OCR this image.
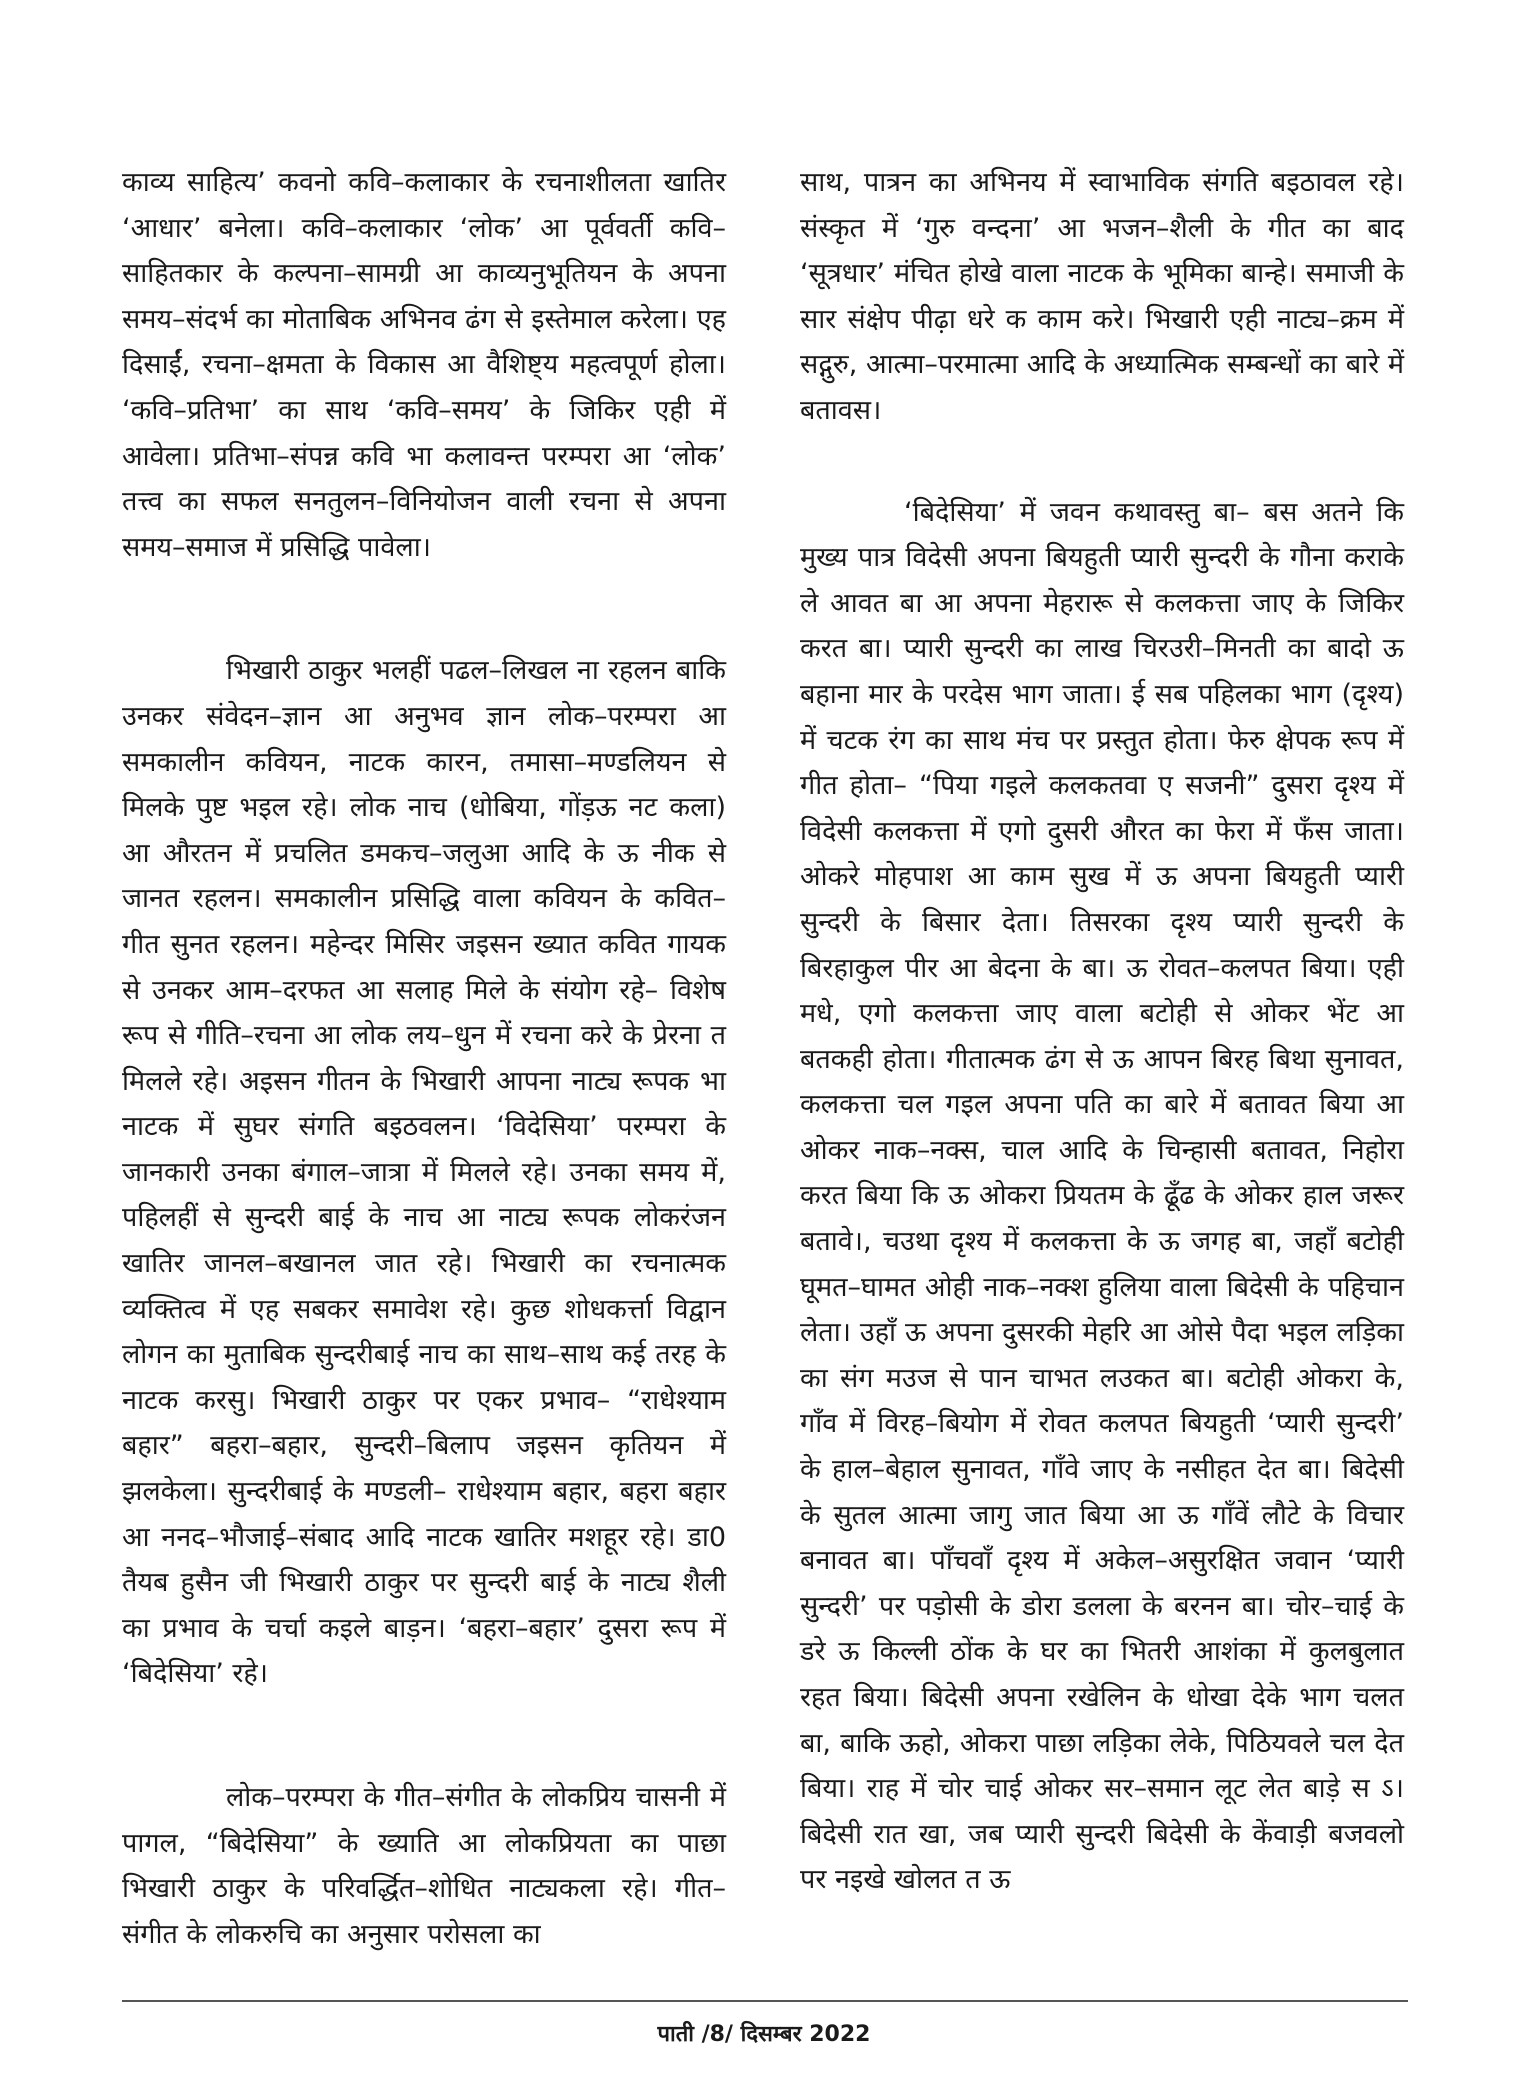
काव्य साहित्य’ कवनो कवि–कलाकार के रचनाशीलता खातिर ‘आधार’ बनेला। कवि–कलाकार ‘लोक’ आ पूर्ववर्ती कवि–साहितकार के कल्पना–सामग्री आ काव्यनुभूतियन के अपना समय–संदर्भ का मोताबिक अभिनव ढंग से इस्तेमाल करेला। एह दिसाईं, रचना–क्षमता के विकास आ वैशिष्ट्य महत्वपूर्ण होला। ‘कवि–प्रतिभा’ का साथ ‘कवि–समय’ के जिकिर एही में आवेला। प्रतिभा–संपन्न कवि भा कलावन्त परम्परा आ ‘लोक’ तत्त्व का सफल सनतुलन–विनियोजन वाली रचना से अपना समय–समाज में प्रसिद्धि पावेला।

भिखारी ठाकुर भलहीं पढल–लिखल ना रहलन बाकि उनकर संवेदन–ज्ञान आ अनुभव ज्ञान लोक–परम्परा आ समकालीन कवियन, नाटक कारन, तमासा–मण्डलियन से मिलके पुष्ट भइल रहे। लोक नाच (धोबिया, गोंड़ऊ नट कला) आ औरतन में प्रचलित डमकच–जलुआ आदि के ऊ नीक से जानत रहलन। समकालीन प्रसिद्धि वाला कवियन के कवित–गीत सुनत रहलन। महेन्दर मिसिर जइसन ख्यात कवित गायक से उनकर आम–दरफत आ सलाह मिले के संयोग रहे– विशेष रूप से गीति–रचना आ लोक लय–धुन में रचना करे के प्रेरना त मिलले रहे। अइसन गीतन के भिखारी आपना नाट्य रूपक भा नाटक में सुघर संगति बइठवलन। ‘विदेसिया’ परम्परा के जानकारी उनका बंगाल–जात्रा में मिलले रहे। उनका समय में, पहिलहीं से सुन्दरी बाई के नाच आ नाट्य रूपक लोकरंजन खातिर जानल–बखानल जात रहे। भिखारी का रचनात्मक व्यक्तित्व में एह सबकर समावेश रहे। कुछ शोधकर्त्ता विद्वान लोगन का मुताबिक सुन्दरीबाई नाच का साथ–साथ कई तरह के नाटक करसु। भिखारी ठाकुर पर एकर प्रभाव– “राधेश्याम बहार” बहरा–बहार, सुन्दरी–बिलाप जइसन कृतियन में झलकेला। सुन्दरीबाई के मण्डली– राधेश्याम बहार, बहरा बहार आ ननद–भौजाई–संबाद आदि नाटक खातिर मशहूर रहे। डा0 तैयब हुसैन जी भिखारी ठाकुर पर सुन्दरी बाई के नाट्य शैली का प्रभाव के चर्चा कइले बाड़न। ‘बहरा–बहार’ दुसरा रूप में ‘बिदेसिया’ रहे।

लोक–परम्परा के गीत–संगीत के लोकप्रिय चासनी में पागल, “बिदेसिया” के ख्याति आ लोकप्रियता का पाछा भिखारी ठाकुर के परिवर्द्धित–शोधित नाट्यकला रहे। गीत–संगीत के लोकरुचि का अनुसार परोसला का

साथ, पात्रन का अभिनय में स्वाभाविक संगति बइठावल रहे। संस्कृत में ‘गुरु वन्दना’ आ भजन–शैली के गीत का बाद ‘सूत्रधार’ मंचित होखे वाला नाटक के भूमिका बान्हे। समाजी के सार संक्षेप पीढ़ा धरे क काम करे। भिखारी एही नाट्य–क्रम में सद्गुरु, आत्मा–परमात्मा आदि के अध्यात्मिक सम्बन्धों का बारे में बतावस।

‘बिदेसिया’ में जवन कथावस्तु बा– बस अतने कि मुख्य पात्र विदेसी अपना बियहुती प्यारी सुन्दरी के गौना कराके ले आवत बा आ अपना मेहरारू से कलकत्ता जाए के जिकिर करत बा। प्यारी सुन्दरी का लाख चिरउरी–मिनती का बादो ऊ बहाना मार के परदेस भाग जाता। ई सब पहिलका भाग (दृश्य) में चटक रंग का साथ मंच पर प्रस्तुत होता। फेरु क्षेपक रूप में गीत होता– “पिया गइले कलकतवा ए सजनी” दुसरा दृश्य में विदेसी कलकत्ता में एगो दुसरी औरत का फेरा में फँस जाता। ओकरे मोहपाश आ काम सुख में ऊ अपना बियहुती प्यारी सुन्दरी के बिसार देता। तिसरका दृश्य प्यारी सुन्दरी के बिरहाकुल पीर आ बेदना के बा। ऊ रोवत–कलपत बिया। एही मधे, एगो कलकत्ता जाए वाला बटोही से ओकर भेंट आ बतकही होता। गीतात्मक ढंग से ऊ आपन बिरह बिथा सुनावत, कलकत्ता चल गइल अपना पति का बारे में बतावत बिया आ ओकर नाक–नक्स, चाल आदि के चिन्हासी बतावत, निहोरा करत बिया कि ऊ ओकरा प्रियतम के ढूँढ के ओकर हाल जरूर बतावे।, चउथा दृश्य में कलकत्ता के ऊ जगह बा, जहाँ बटोही घूमत–घामत ओही नाक–नक्श हुलिया वाला बिदेसी के पहिचान लेता। उहाँ ऊ अपना दुसरकी मेहरि आ ओसे पैदा भइल लड़िका का संग मउज से पान चाभत लउकत बा। बटोही ओकरा के, गाँव में विरह–बियोग में रोवत कलपत बियहुती ‘प्यारी सुन्दरी’ के हाल–बेहाल सुनावत, गाँवे जाए के नसीहत देत बा। बिदेसी के सुतल आत्मा जागु जात बिया आ ऊ गाँवें लौटे के विचार बनावत बा। पाँचवाँ दृश्य में अकेल–असुरक्षित जवान ‘प्यारी सुन्दरी’ पर पड़ोसी के डोरा डलला के बरनन बा। चोर–चाई के डरे ऊ किल्ली ठोंक के घर का भितरी आशंका में कुलबुलात रहत बिया। बिदेसी अपना रखेलिन के धोखा देके भाग चलत बा, बाकि ऊहो, ओकरा पाछा लड़िका लेके, पिठियवले चल देत बिया। राह में चोर चाई ओकर सर–समान लूट लेत बाड़े स ऽ। बिदेसी रात खा, जब प्यारी सुन्दरी बिदेसी के केंवाड़ी बजवलो पर नइखे खोलत त ऊ

पाती /8/ दिसम्बर 2022
